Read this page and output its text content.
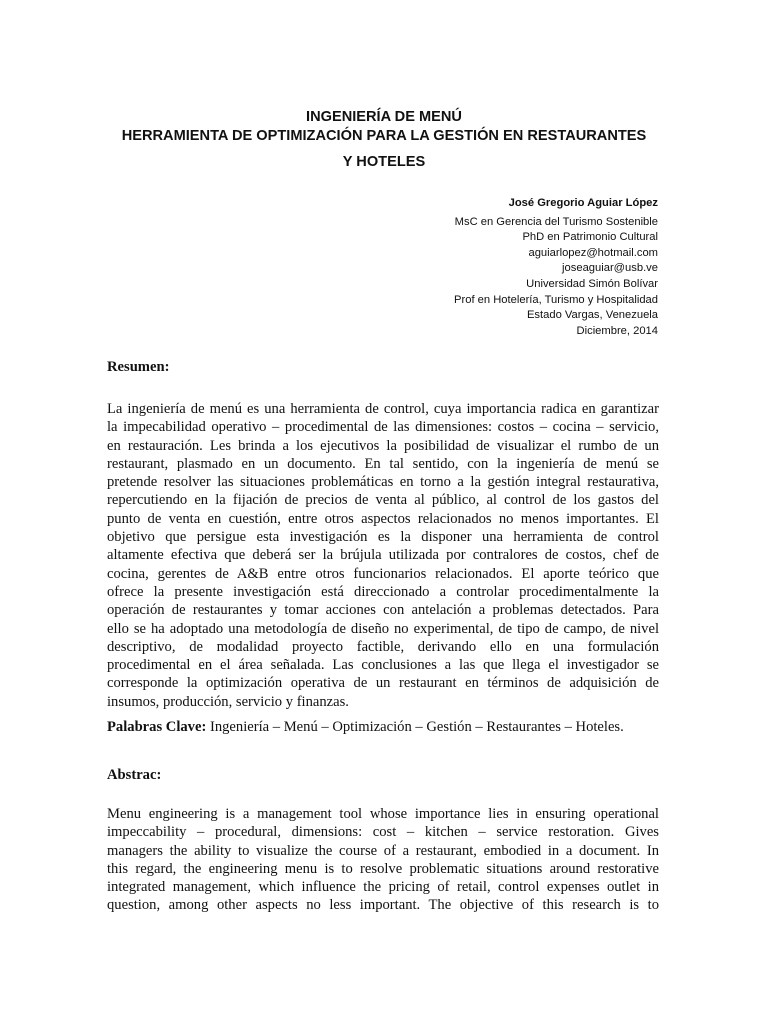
INGENIERÍA DE MENÚ
HERRAMIENTA DE OPTIMIZACIÓN PARA LA GESTIÓN EN RESTAURANTES
Y HOTELES
José Gregorio Aguiar López
MsC en Gerencia del Turismo Sostenible
PhD en Patrimonio Cultural
aguiarlopez@hotmail.com
joseaguiar@usb.ve
Universidad Simón Bolívar
Prof en Hotelería, Turismo y Hospitalidad
Estado Vargas, Venezuela
Diciembre, 2014
Resumen:
La ingeniería de menú es una herramienta de control, cuya importancia radica en garantizar
la impecabilidad operativo – procedimental de las dimensiones: costos – cocina – servicio,
en restauración. Les brinda a los ejecutivos la posibilidad de visualizar el rumbo de un
restaurant, plasmado en un documento. En tal sentido, con la ingeniería de menú se
pretende resolver las situaciones problemáticas en torno a la gestión integral restaurativa,
repercutiendo en la fijación de precios de venta al público, al control de los gastos del
punto de venta en cuestión, entre otros aspectos relacionados no menos importantes. El
objetivo que persigue esta investigación es la disponer una herramienta de control
altamente efectiva que deberá ser la brújula utilizada por contralores de costos, chef de
cocina, gerentes de A&B entre otros funcionarios relacionados. El aporte teórico que
ofrece la presente investigación está direccionado a controlar procedimentalmente la
operación de restaurantes y tomar acciones con antelación a problemas detectados. Para
ello se ha adoptado una metodología de diseño no experimental, de tipo de campo, de nivel
descriptivo, de modalidad proyecto factible, derivando ello en una formulación
procedimental en el área señalada. Las conclusiones a las que llega el investigador se
corresponde la optimización operativa de un restaurant en términos de adquisición de
insumos, producción, servicio y finanzas.
Palabras Clave: Ingeniería – Menú – Optimización – Gestión – Restaurantes – Hoteles.
Abstrac:
Menu engineering is a management tool whose importance lies in ensuring operational
impeccability – procedural, dimensions: cost – kitchen – service restoration. Gives
managers the ability to visualize the course of a restaurant, embodied in a document. In
this regard, the engineering menu is to resolve problematic situations around restorative
integrated management, which influence the pricing of retail, control expenses outlet in
question, among other aspects no less important. The objective of this research is to
